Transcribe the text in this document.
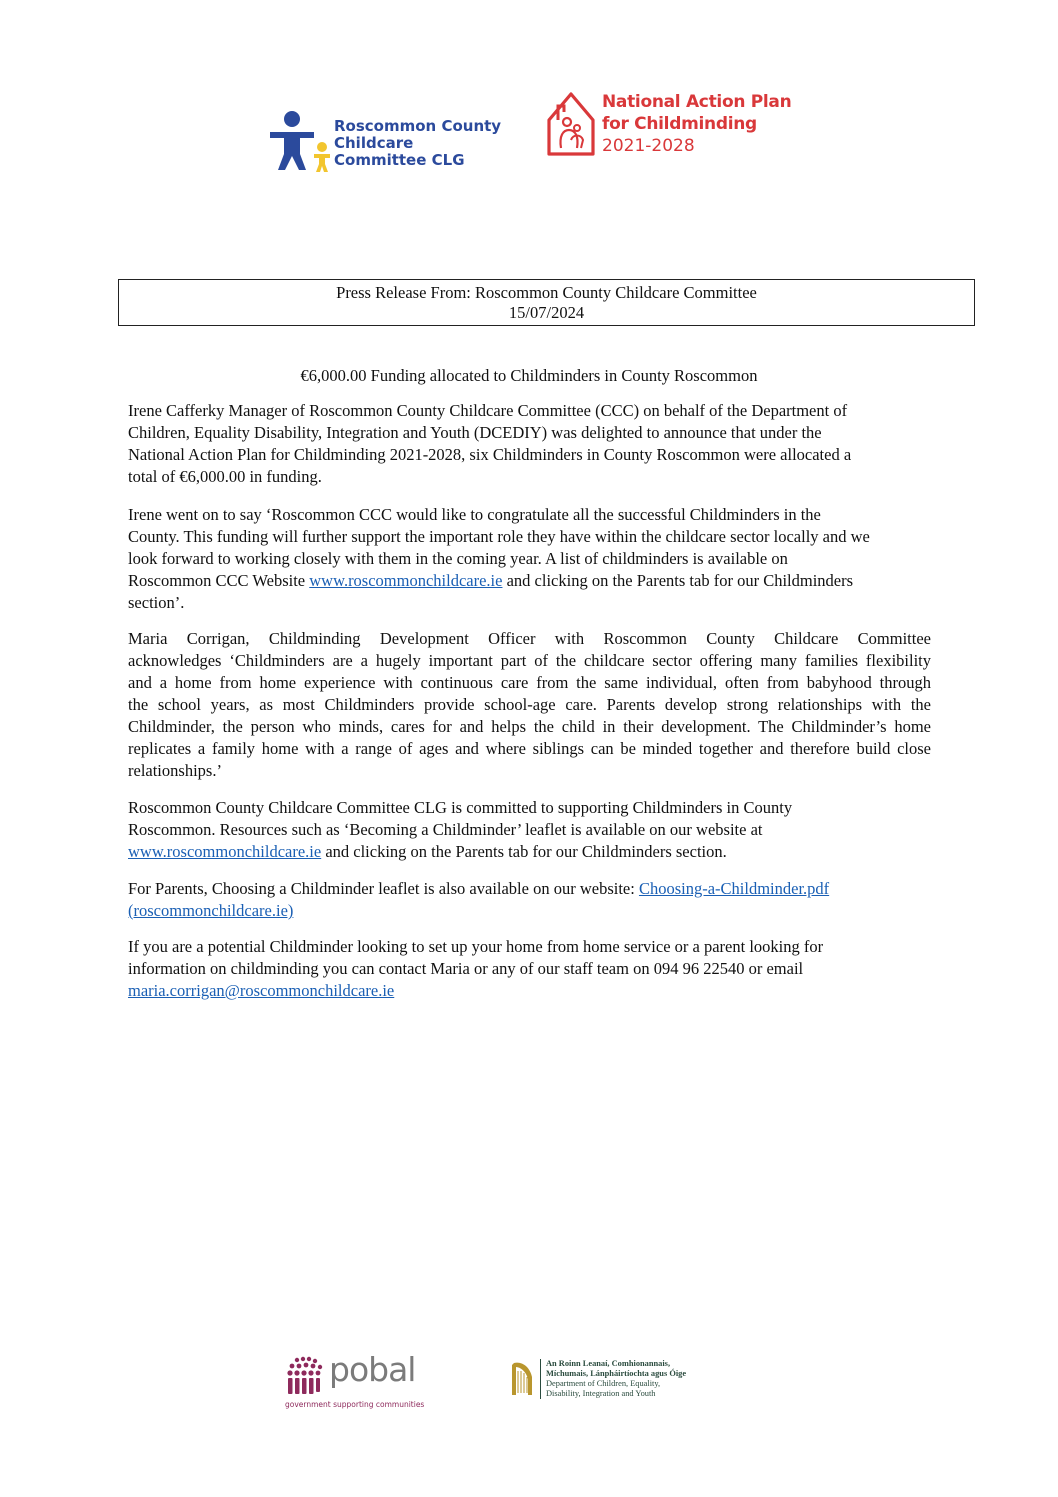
Roscommon County
Childcare
Committee CLG
National Action Plan
for Childminding
2021-2028
Press Release From: Roscommon County Childcare Committee
15/07/2024
€6,000.00 Funding allocated to Childminders in County Roscommon
Irene Cafferky Manager of Roscommon County Childcare Committee (CCC) on behalf of the Department of
Children, Equality Disability, Integration and Youth (DCEDIY) was delighted to announce that under the
National Action Plan for Childminding 2021-2028, six Childminders in County Roscommon were allocated a
total of €6,000.00 in funding.
Irene went on to say ‘Roscommon CCC would like to congratulate all the successful Childminders in the
County. This funding will further support the important role they have within the childcare sector locally and we
look forward to working closely with them in the coming year. A list of childminders is available on
Roscommon CCC Website www.roscommonchildcare.ie and clicking on the Parents tab for our Childminders
section’.
Maria Corrigan, Childminding Development Officer with Roscommon County Childcare Committee
acknowledges ‘Childminders are a hugely important part of the childcare sector offering many families flexibility
and a home from home experience with continuous care from the same individual, often from babyhood through
the school years, as most Childminders provide school-age care. Parents develop strong relationships with the
Childminder, the person who minds, cares for and helps the child in their development. The Childminder’s home
replicates a family home with a range of ages and where siblings can be minded together and therefore build close
relationships.’
Roscommon County Childcare Committee CLG is committed to supporting Childminders in County
Roscommon. Resources such as ‘Becoming a Childminder’ leaflet is available on our website at
www.roscommonchildcare.ie and clicking on the Parents tab for our Childminders section.
For Parents, Choosing a Childminder leaflet is also available on our website: Choosing-a-Childminder.pdf
(roscommonchildcare.ie)
If you are a potential Childminder looking to set up your home from home service or a parent looking for
information on childminding you can contact Maria or any of our staff team on 094 96 22540 or email
maria.corrigan@roscommonchildcare.ie
pobal
government supporting communities
An Roinn Leanaí, Comhionannais,
Míchumais, Lánpháirtíochta agus Óige
Department of Children, Equality,
Disability, Integration and Youth
